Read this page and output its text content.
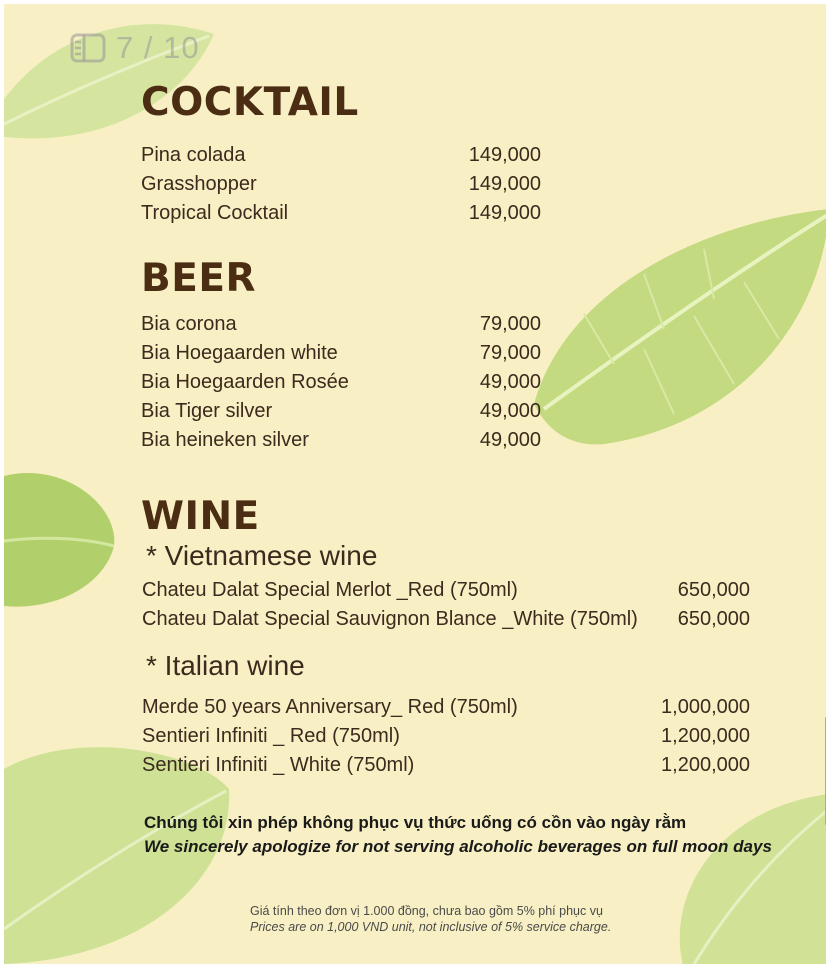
7 / 10
COCKTAIL
Pina colada	149,000
Grasshopper	149,000
Tropical Cocktail	149,000
BEER
Bia corona	79,000
Bia Hoegaarden white	79,000
Bia Hoegaarden Rosée	49,000
Bia Tiger silver	49,000
Bia heineken silver	49,000
WINE
* Vietnamese wine
Chateu Dalat Special Merlot _Red (750ml)	650,000
Chateu Dalat Special Sauvignon Blance _White (750ml) 650,000
* Italian wine
Merde 50 years Anniversary_ Red (750ml)	1,000,000
Sentieri Infiniti _ Red (750ml)	1,200,000
Sentieri Infiniti _ White (750ml)	1,200,000
Chúng tôi xin phép không phục vụ thức uống có cồn vào ngày rằm
We sincerely apologize for not serving alcoholic beverages on full moon days
Giá tính theo đơn vị 1.000 đồng, chưa bao gồm 5% phí phục vụ
Prices are on 1,000 VND unit, not inclusive of 5% service charge.
